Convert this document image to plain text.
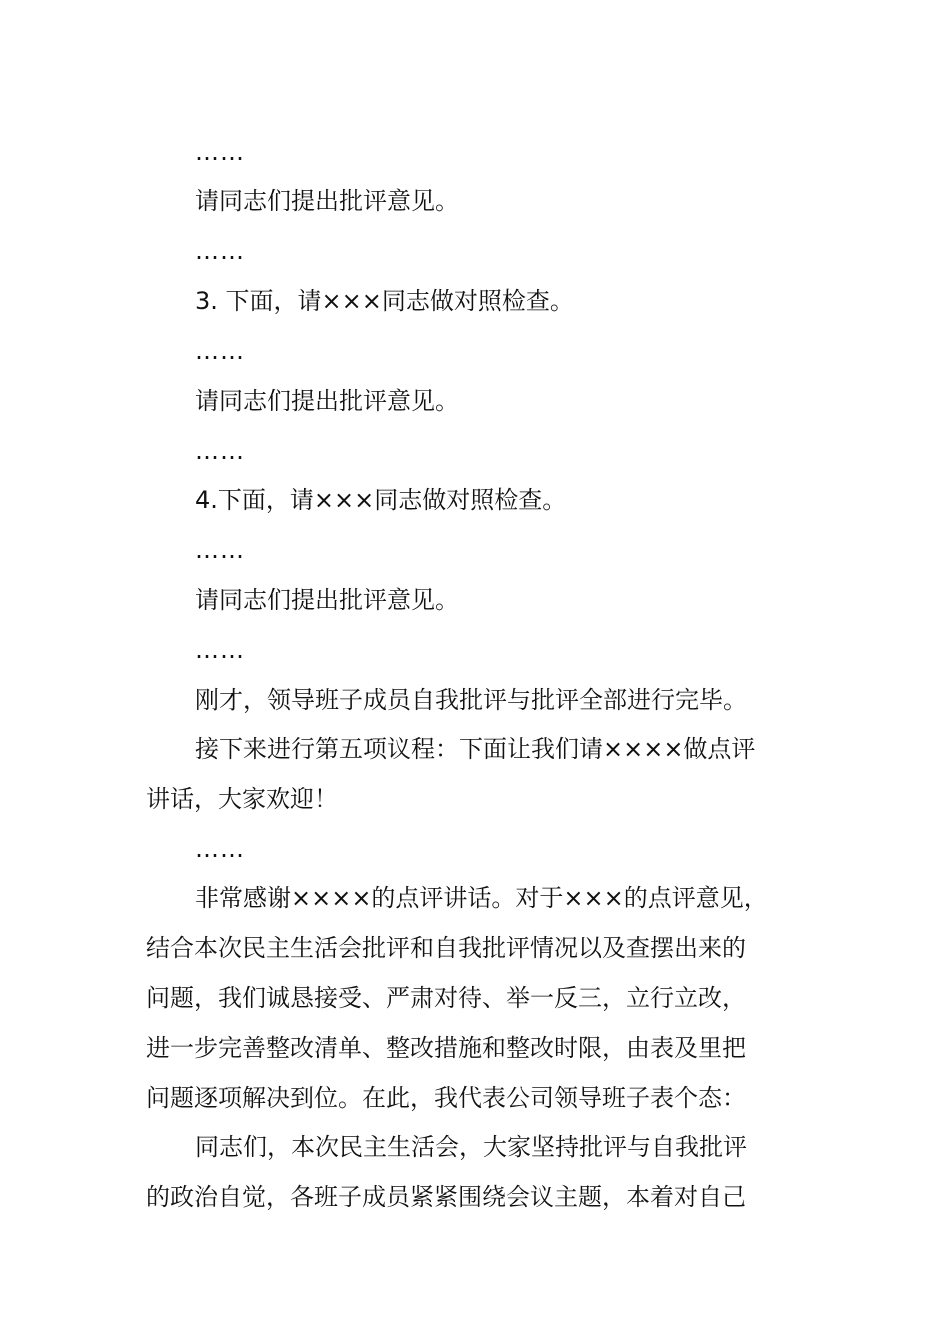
……
请同志们提出批评意见。
……
3. 下面，请×××同志做对照检查。
……
请同志们提出批评意见。
……
4.下面，请×××同志做对照检查。
……
请同志们提出批评意见。
……
刚才，领导班子成员自我批评与批评全部进行完毕。
接下来进行第五项议程：下面让我们请××××做点评
讲话，大家欢迎！
……
非常感谢××××的点评讲话。对于×××的点评意见，
结合本次民主生活会批评和自我批评情况以及查摆出来的
问题，我们诚恳接受、严肃对待、举一反三，立行立改，
进一步完善整改清单、整改措施和整改时限，由表及里把
问题逐项解决到位。在此，我代表公司领导班子表个态：
同志们，本次民主生活会，大家坚持批评与自我批评
的政治自觉，各班子成员紧紧围绕会议主题，本着对自己
